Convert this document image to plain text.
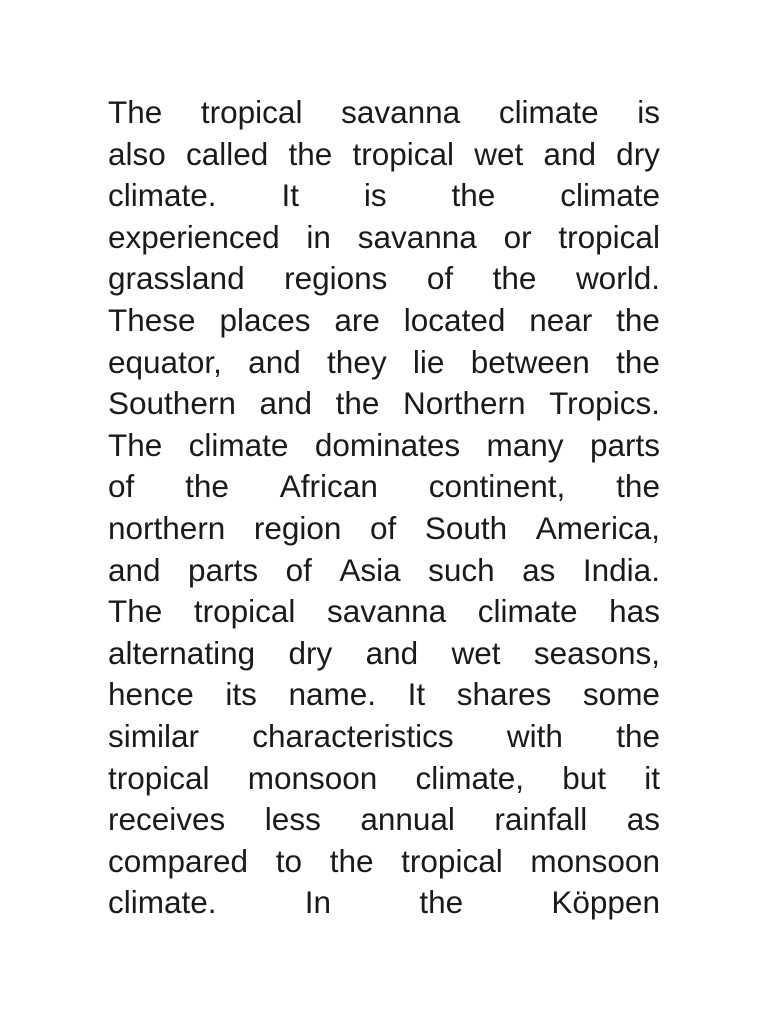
The tropical savanna climate is
also called the tropical wet and dry
climate. It is the climate
experienced in savanna or tropical
grassland regions of the world.
These places are located near the
equator, and they lie between the
Southern and the Northern Tropics.
The climate dominates many parts
of the African continent, the
northern region of South America,
and parts of Asia such as India.
The tropical savanna climate has
alternating dry and wet seasons,
hence its name. It shares some
similar characteristics with the
tropical monsoon climate, but it
receives less annual rainfall as
compared to the tropical monsoon
climate.	In	the	Köppen
